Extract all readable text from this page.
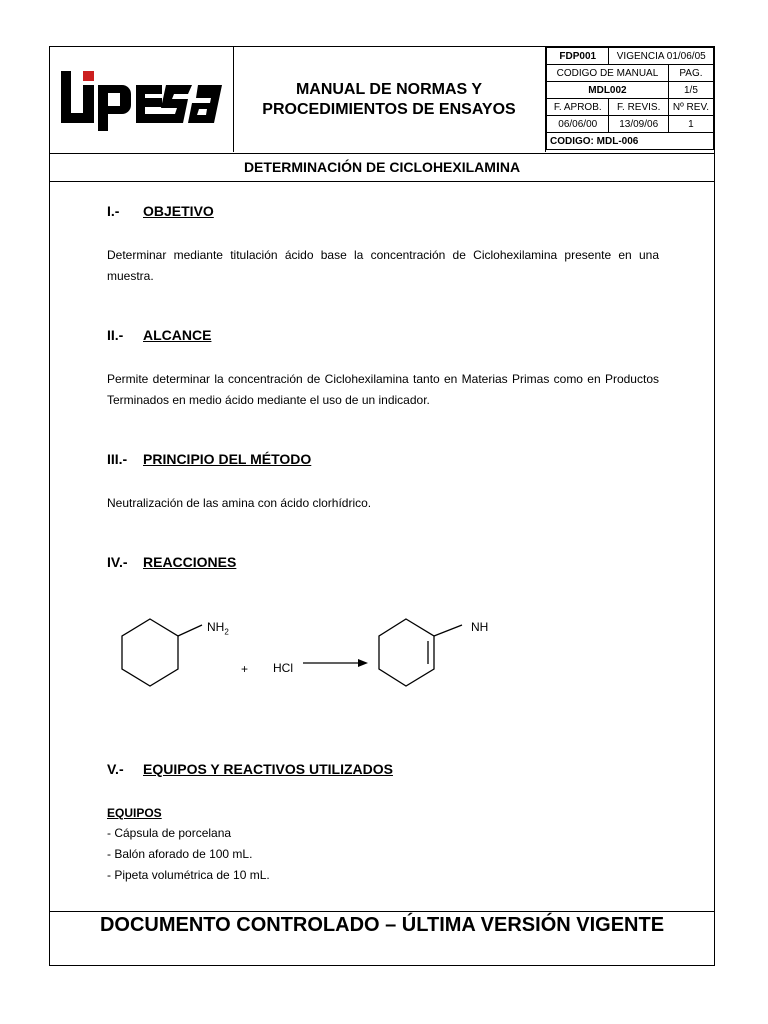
MANUAL DE NORMAS Y
PROCEDIMIENTOS DE ENSAYOS
FDP001	VIGENCIA 01/06/05	
CODIGO DE MANUAL		PAG.
MDL002		1/5
F. APROB.	F. REVIS.	Nº REV.
06/06/00	13/09/06	1
CODIGO: MDL-006		
DETERMINACIÓN DE CICLOHEXILAMINA
I.- OBJETIVO
Determinar mediante titulación ácido base la concentración de Ciclohexilamina presente en una muestra.
II.- ALCANCE
Permite determinar la concentración de Ciclohexilamina tanto en Materias Primas como en Productos Terminados en medio ácido mediante el uso de un indicador.
III.- PRINCIPIO DEL MÉTODO
Neutralización de las amina con ácido clorhídrico.
IV.- REACCIONES
$NH_2$
+ HCl
NH
V.- EQUIPOS Y REACTIVOS UTILIZADOS
EQUIPOS
- Cápsula de porcelana
- Balón aforado de 100 mL.
- Pipeta volumétrica de 10 mL.
DOCUMENTO CONTROLADO – ÚLTIMA VERSIÓN VIGENTE
